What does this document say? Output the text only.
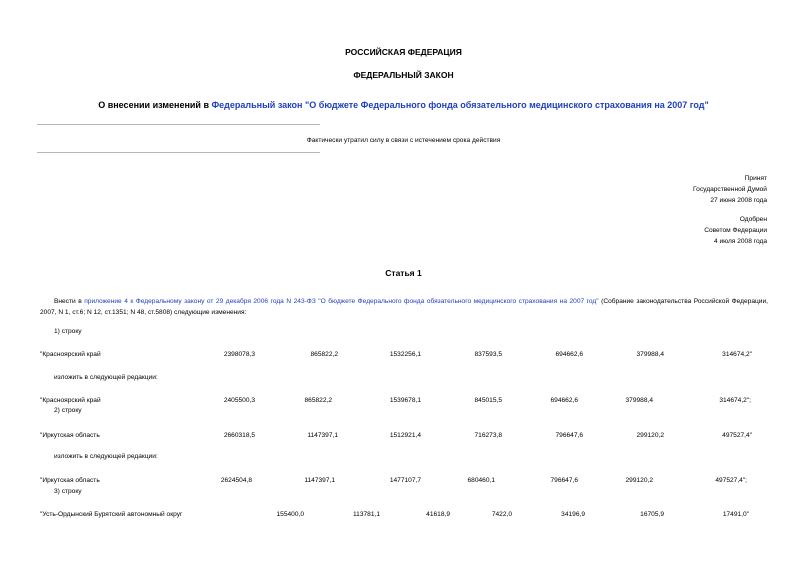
РОССИЙСКАЯ ФЕДЕРАЦИЯ
ФЕДЕРАЛЬНЫЙ ЗАКОН
О внесении изменений в Федеральный закон "О бюджете Федерального фонда обязательного медицинского страхования на 2007 год"
Фактически утратил силу в связи с истечением срока действия
Принят
Государственной Думой
27 июня 2008 года
Одобрен
Советом Федерации
4 июля 2008 года
Статья 1
Внести в приложение 4 к Федеральному закону от 29 декабря 2006 года N 243-ФЗ "О бюджете Федерального фонда обязательного медицинского страхования на 2007 год" (Собрание законодательства Российской Федерации, 2007, N 1, ст.6; N 12, ст.1351; N 48, ст.5808) следующие изменения:
1) строку
"Красноярский край	2398078,3	865822,2	1532256,1	837593,5	694662,6	379988,4	314674,2"
изложить в следующей редакции:
"Красноярский край	2405500,3	865822,2	1539678,1	845015,5	694662,6	379988,4	314674,2";
2) строку
"Иркутская область	2660318,5	1147397,1	1512921,4	716273,8	796647,6	299120,2	497527,4"
изложить в следующей редакции:
"Иркутская область	2624504,8	1147397,1	1477107,7	680460,1	796647,6	299120,2	497527,4";
3) строку
"Усть-Ордынский Бурятский автономный округ	155400,0	113781,1	41618,9	7422,0	34196,9	16705,9	17491,0"
